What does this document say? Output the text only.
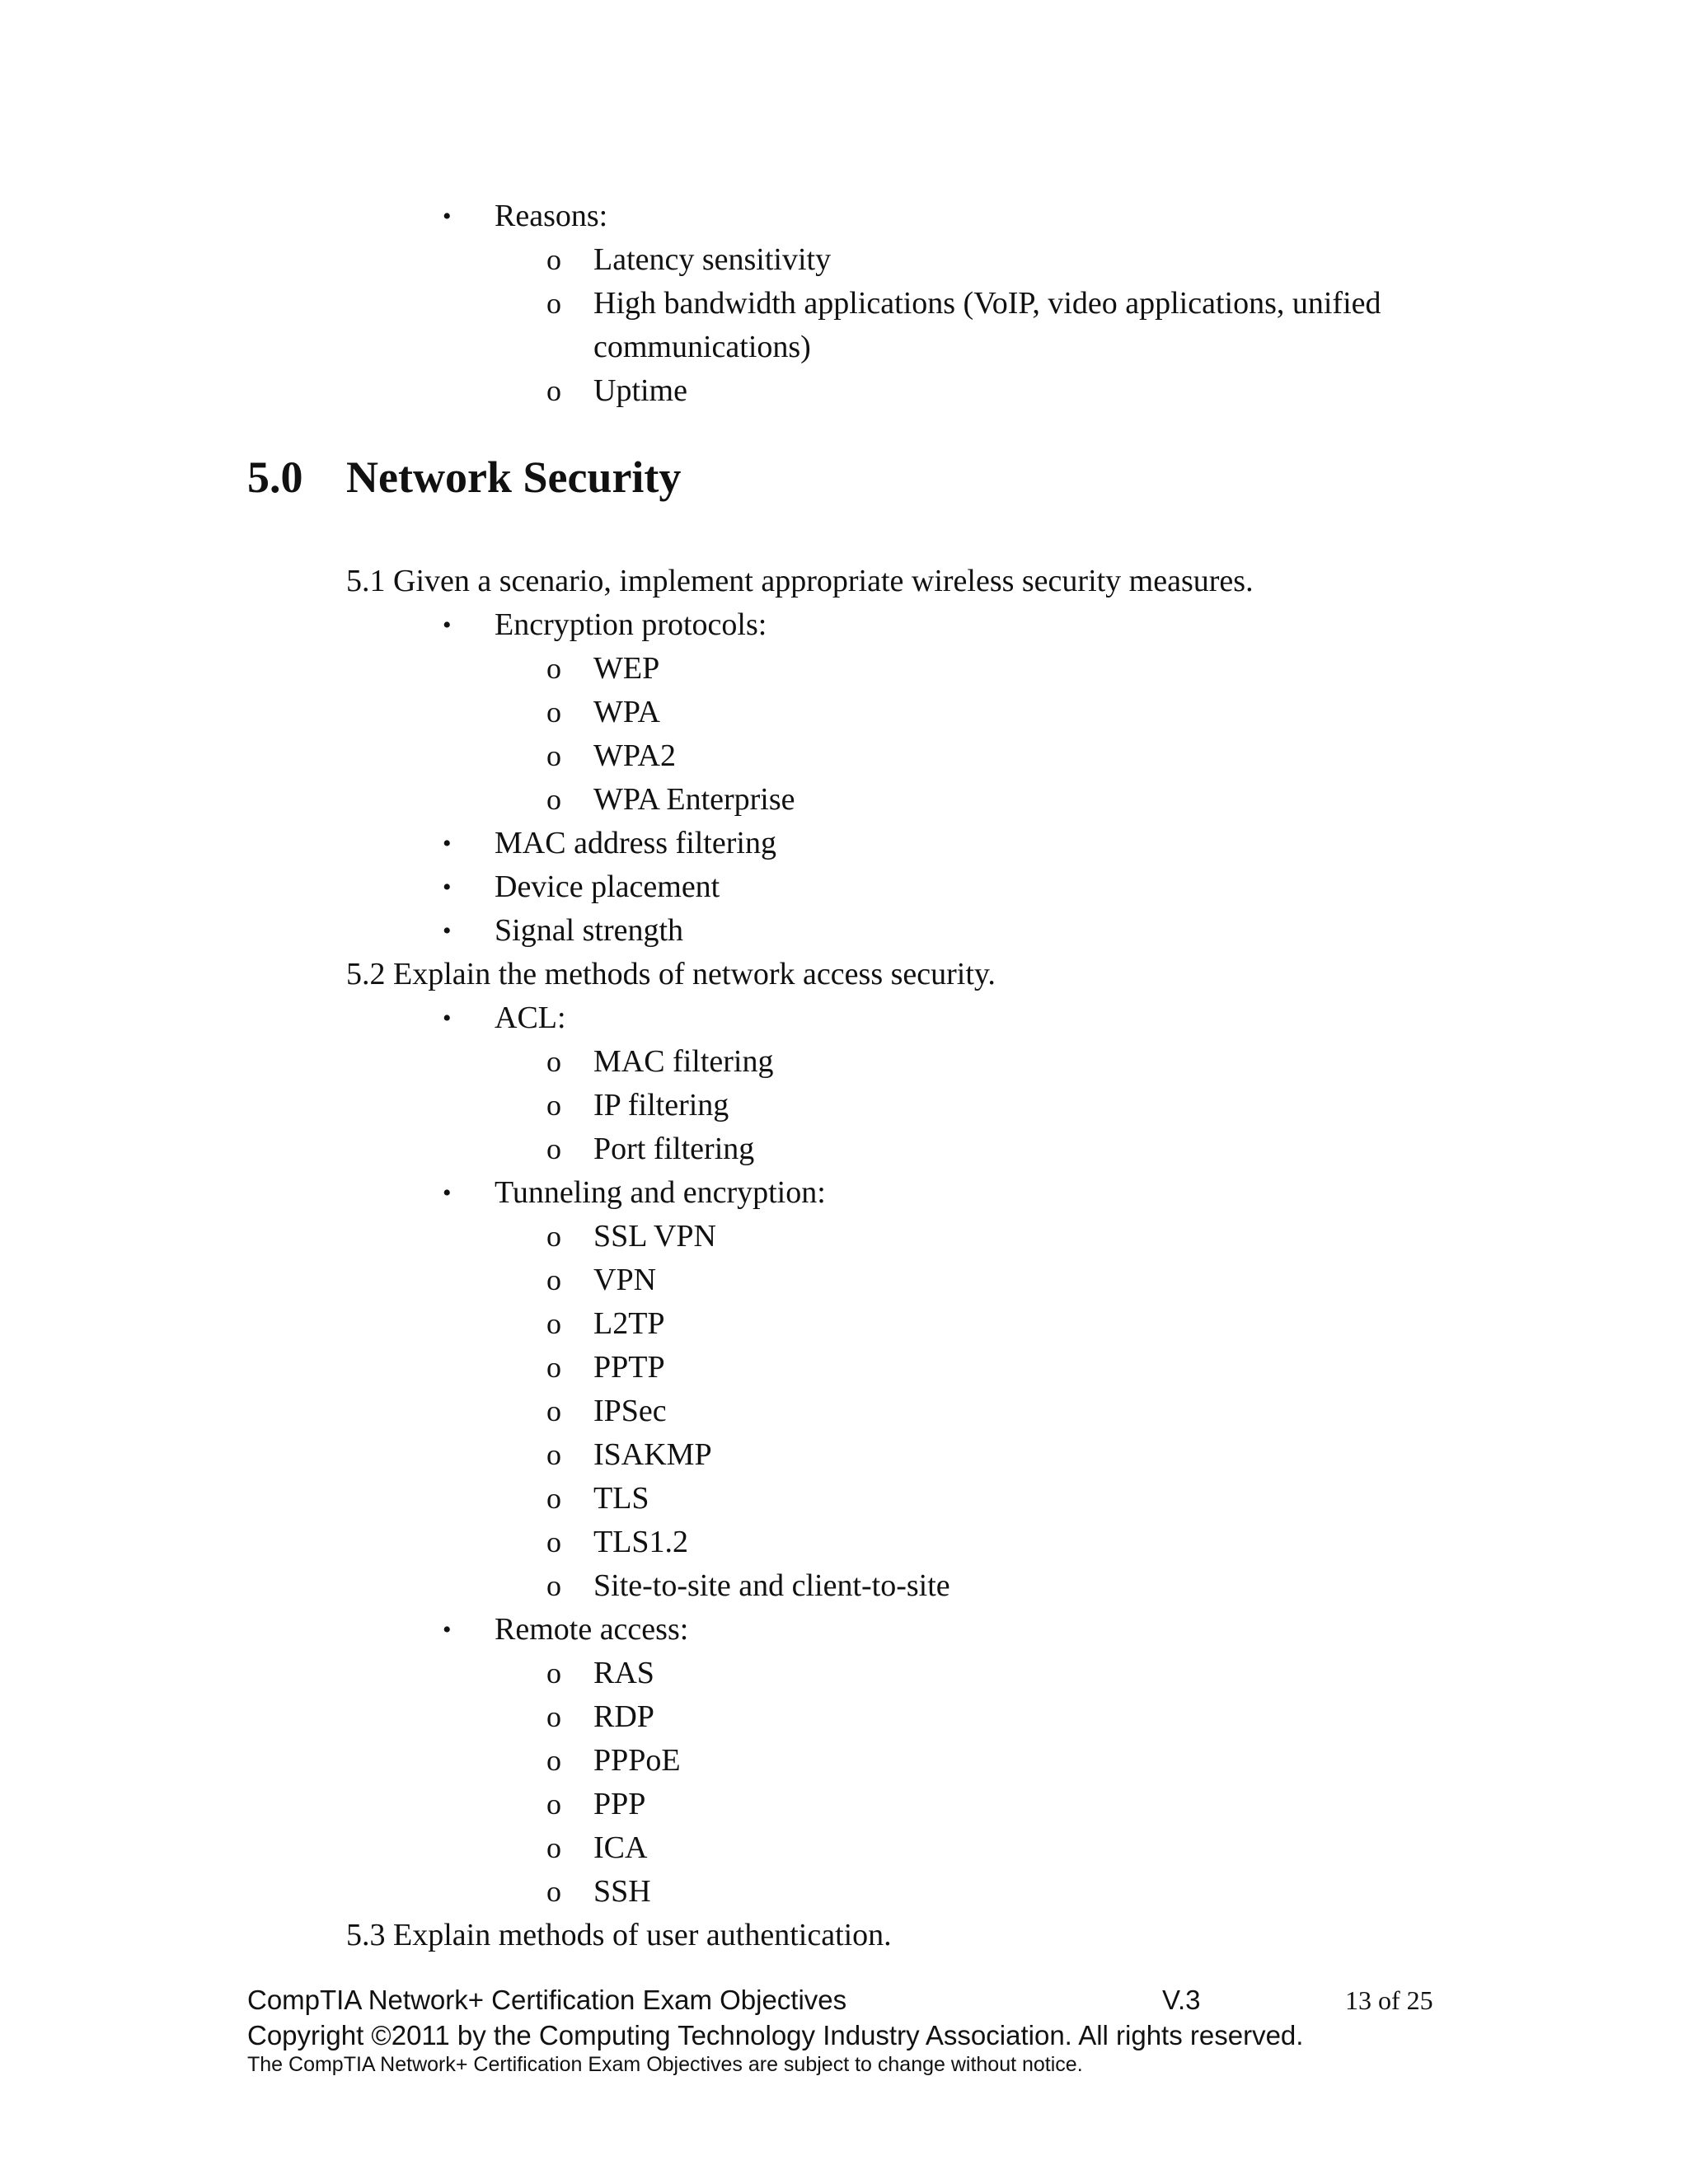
•	Reasons:
o Latency sensitivity
o High bandwidth applications (VoIP, video applications, unified
communications)
o Uptime
5.0 Network Security
5.1 Given a scenario, implement appropriate wireless security measures.
•	Encryption protocols:
o WEP
o WPA
o WPA2
o WPA Enterprise
•	MAC address filtering
•	Device placement
•	Signal strength
5.2 Explain the methods of network access security.
•	ACL:
o MAC filtering
o IP filtering
o Port filtering
•	Tunneling and encryption:
o SSL VPN
o VPN
o L2TP
o PPTP
o IPSec
o ISAKMP
o TLS
o TLS1.2
o Site-to-site and client-to-site
•	Remote access:
o RAS
o RDP
o PPPoE
o PPP
o ICA
o SSH
5.3 Explain methods of user authentication.
CompTIA Network+ Certification Exam Objectives	V.3	13 of 25
Copyright ©2011 by the Computing Technology Industry Association. All rights reserved.
The CompTIA Network+ Certification Exam Objectives are subject to change without notice.
